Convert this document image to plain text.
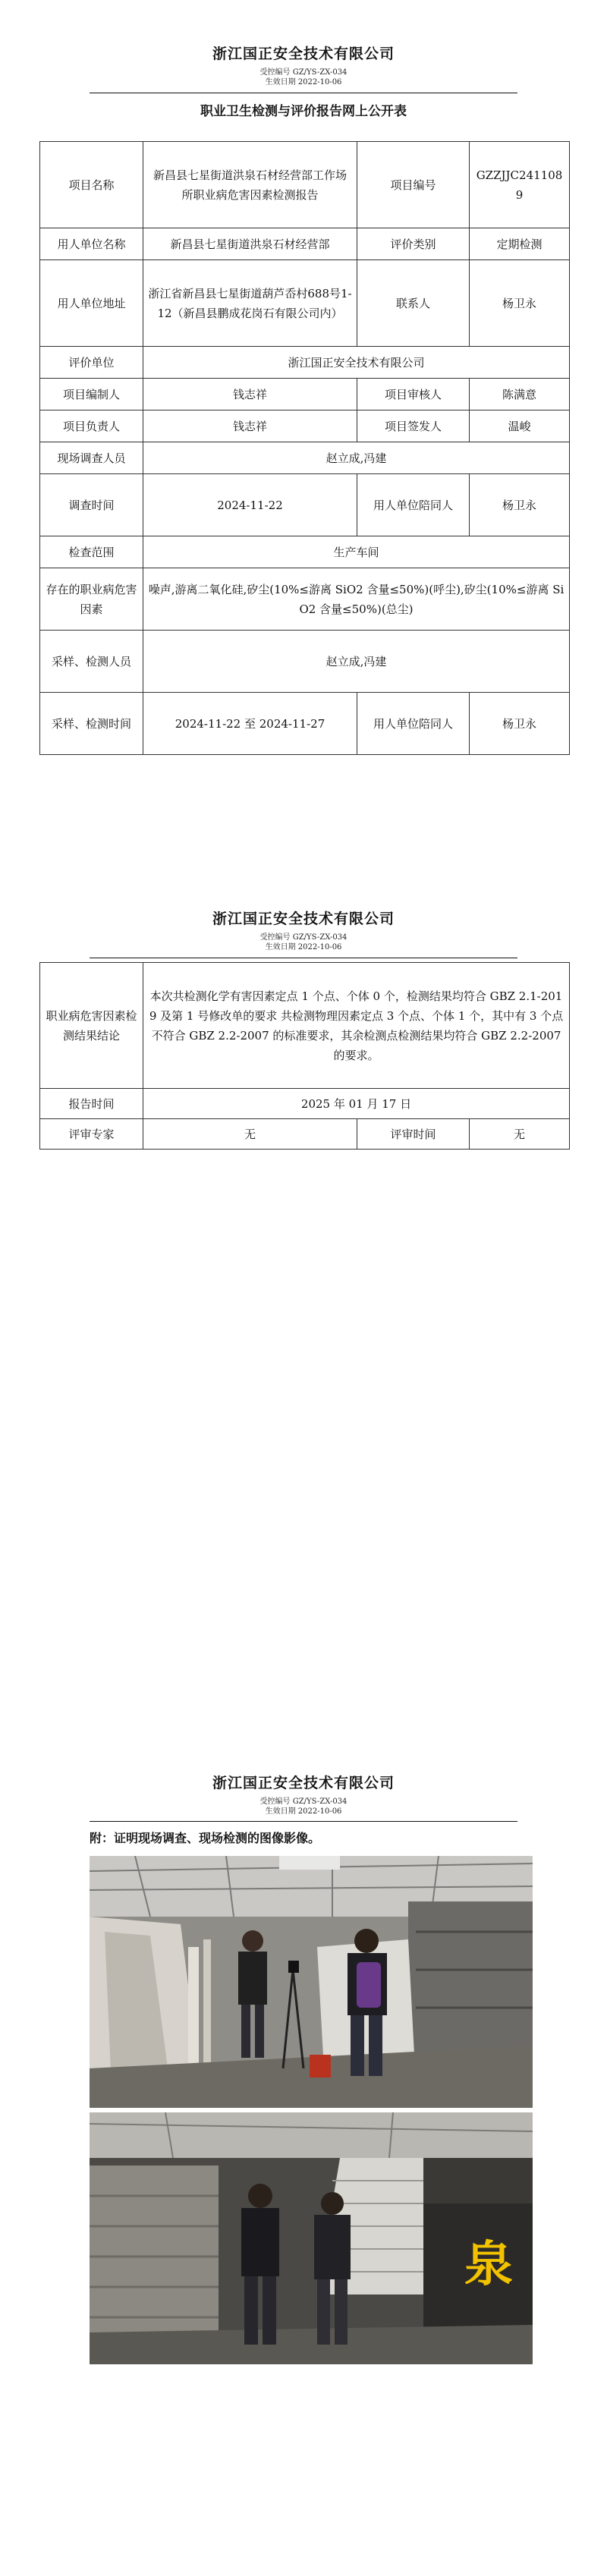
浙江国正安全技术有限公司
受控编号 GZ/YS-ZX-034
生效日期 2022-10-06
职业卫生检测与评价报告网上公开表
项目名称	新昌县七星街道洪泉石材经营部工作场所职业病危害因素检测报告	项目编号	GZZJJC2411089
用人单位名称	新昌县七星街道洪泉石材经营部	评价类别	定期检测
用人单位地址	浙江省新昌县七星街道葫芦岙村688号1-12（新昌县鹏成花岗石有限公司内）	联系人	杨卫永
评价单位	浙江国正安全技术有限公司		
项目编制人	钱志祥	项目审核人	陈满意
项目负责人	钱志祥	项目签发人	温峻
现场调查人员	赵立成,冯建		
调查时间	2024-11-22	用人单位陪同人	杨卫永
检查范围	生产车间		
存在的职业病危害因素	噪声,游离二氧化硅,矽尘(10%≤游离 SiO2 含量≤50%)(呼尘),矽尘(10%≤游离 SiO2 含量≤50%)(总尘)		
采样、检测人员	赵立成,冯建		
采样、检测时间	2024-11-22 至 2024-11-27	用人单位陪同人	杨卫永
浙江国正安全技术有限公司
受控编号 GZ/YS-ZX-034
生效日期 2022-10-06
职业病危害因素检测结果结论	本次共检测化学有害因素定点 1 个点、个体 0 个，检测结果均符合 GBZ 2.1-2019 及第 1 号修改单的要求 共检测物理因素定点 3 个点、个体 1 个，其中有 3 个点不符合 GBZ 2.2-2007 的标准要求，其余检测点检测结果均符合 GBZ 2.2-2007 的要求。		
报告时间	2025 年 01 月 17 日		
评审专家	无	评审时间	无
浙江国正安全技术有限公司
受控编号 GZ/YS-ZX-034
生效日期 2022-10-06
附：证明现场调查、现场检测的图像影像。
泉
